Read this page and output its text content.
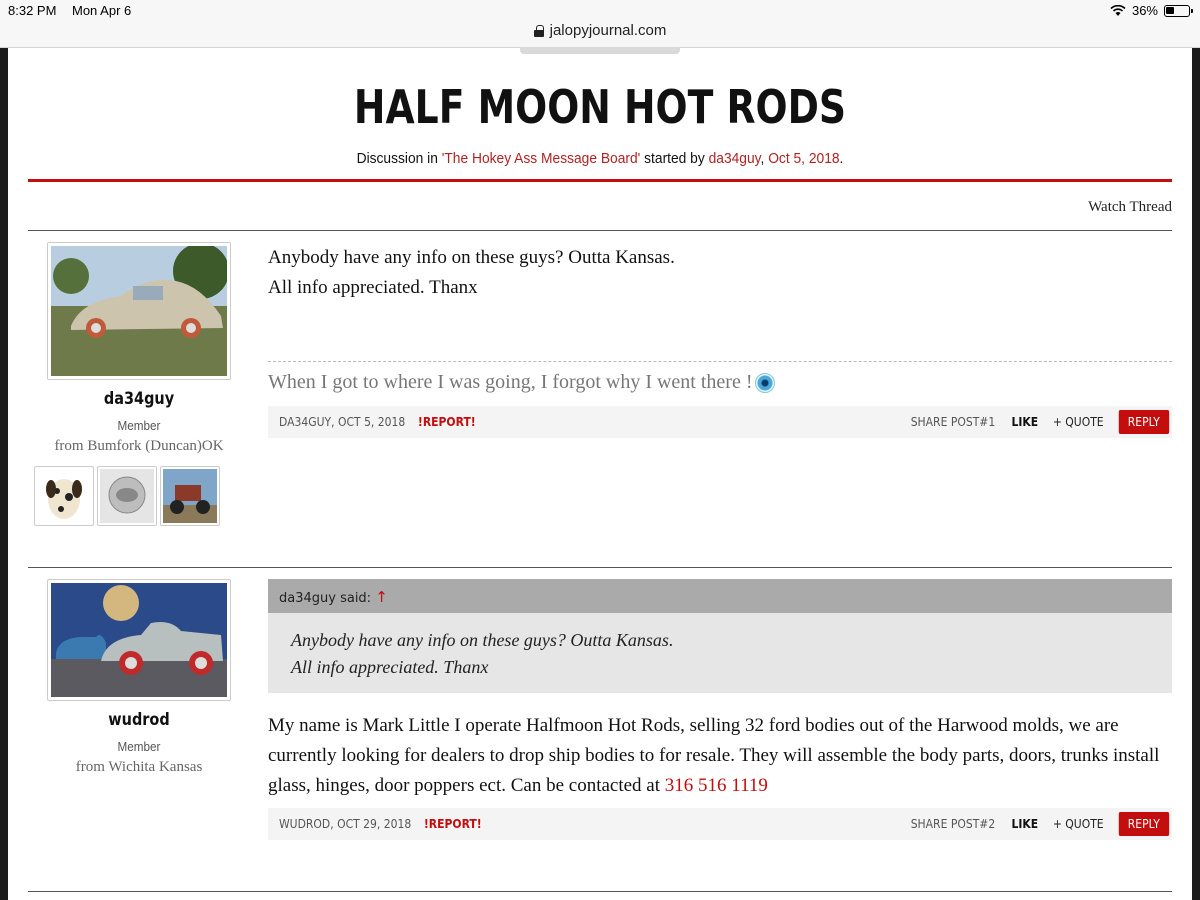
8:32 PM Mon Apr 6	36%
jalopyjournal.com
HALF MOON HOT RODS
Discussion in 'The Hokey Ass Message Board' started by da34guy, Oct 5, 2018.
Watch Thread
da34guy
Member
from Bumfork (Duncan)OK
Anybody have any info on these guys? Outta Kansas.
All info appreciated. Thanx
When I got to where I was going, I forgot why I went there !
DA34GUY, OCT 5, 2018 !REPORT!	SHARE POST#1 LIKE + QUOTE	REPLY
wudrod
Member
from Wichita Kansas
da34guy said: ↑
Anybody have any info on these guys? Outta Kansas.
All info appreciated. Thanx
My name is Mark Little I operate Halfmoon Hot Rods, selling 32 ford bodies out of the Harwood molds, we are currently looking for dealers to drop ship bodies to for resale. They will assemble the body parts, doors, trunks install glass, hinges, door poppers ect. Can be contacted at 316 516 1119
WUDROD, OCT 29, 2018 !REPORT!	SHARE POST#2 LIKE + QUOTE	REPLY
